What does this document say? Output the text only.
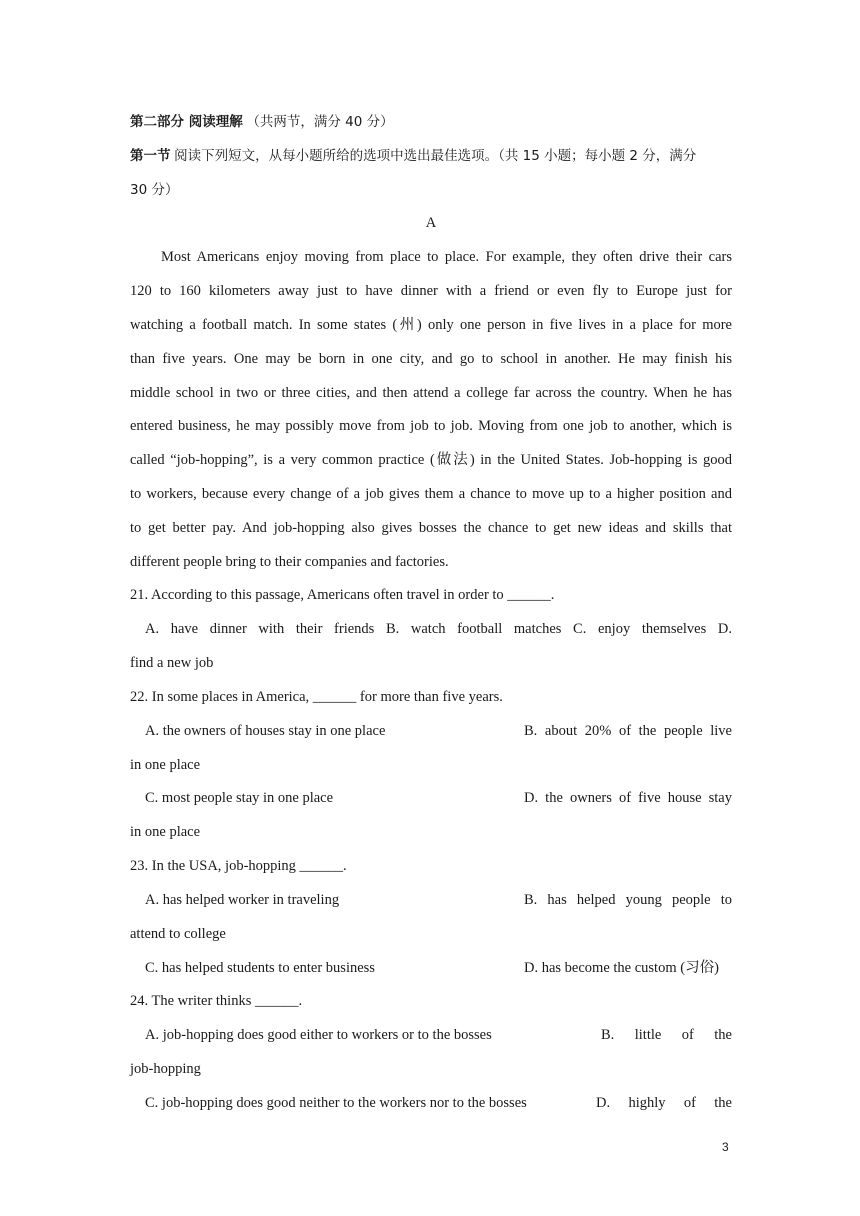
第二部分 阅读理解 （共两节，满分 40 分）
第一节 阅读下列短文，从每小题所给的选项中选出最佳选项。（共 15 小题；每小题 2 分，满分
30 分）
A
Most Americans enjoy moving from place to place. For example, they often drive their cars
120 to 160 kilometers away just to have dinner with a friend or even fly to Europe just for
watching a football match. In some states (州) only one person in five lives in a place for more
than five years. One may be born in one city, and go to school in another. He may finish his
middle school in two or three cities, and then attend a college far across the country. When he has
entered business, he may possibly move from job to job. Moving from one job to another, which is
called “job-hopping”, is a very common practice (做法) in the United States. Job-hopping is good
to workers, because every change of a job gives them a chance to move up to a higher position and
to get better pay. And job-hopping also gives bosses the chance to get new ideas and skills that
different people bring to their companies and factories.
21. According to this passage, Americans often travel in order to ______.
A. have dinner with their friends B. watch football matches C. enjoy themselves D.
find a new job
22. In some places in America, ______ for more than five years.
A. the owners of houses stay in one place	B. about 20% of the people live
in one place
C. most people stay in one place	D. the owners of five house stay
in one place
23. In the USA, job-hopping ______.
A. has helped worker in traveling	B. has helped young people to
attend to college
C. has helped students to enter business	D. has become the custom (习俗)
24. The writer thinks ______.
A. job-hopping does good either to workers or to the bosses	B. little of the
job-hopping
C. job-hopping does good neither to the workers nor to the bosses	D. highly of the
3
